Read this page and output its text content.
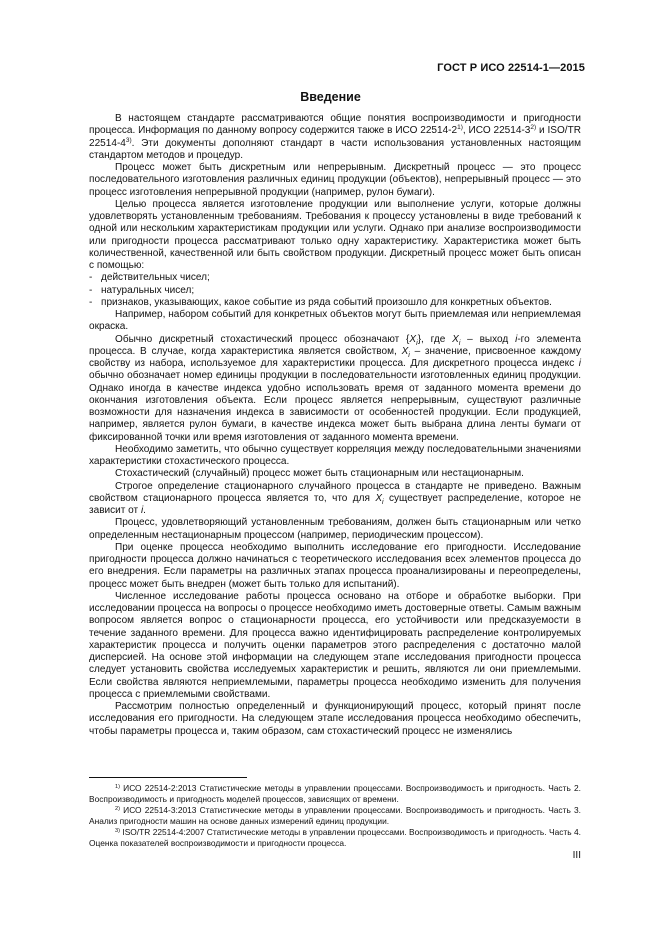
ГОСТ Р ИСО 22514-1—2015
Введение

В настоящем стандарте рассматриваются общие понятия воспроизводимости и пригодности процесса. Информация по данному вопросу содержится также в ИСО 22514-2$^{1)}$, ИСО 22514-3$^{2)}$ и ISO/TR 22514-4$^{3)}$. Эти документы дополняют стандарт в части использования установленных настоящим стандартом методов и процедур.

Процесс может быть дискретным или непрерывным. Дискретный процесс — это процесс последовательного изготовления различных единиц продукции (объектов), непрерывный процесс — это процесс изготовления непрерывной продукции (например, рулон бумаги).

Целью процесса является изготовление продукции или выполнение услуги, которые должны удовлетворять установленным требованиям. Требования к процессу установлены в виде требований к одной или нескольким характеристикам продукции или услуги. Однако при анализе воспроизводимости или пригодности процесса рассматривают только одну характеристику. Характеристика может быть количественной, качественной или быть свойством продукции. Дискретный процесс может быть описан с помощью:

- действительных чисел;

- натуральных чисел;

- признаков, указывающих, какое событие из ряда событий произошло для конкретных объектов.

Например, набором событий для конкретных объектов могут быть приемлемая или неприемлемая окраска.

Обычно дискретный стохастический процесс обозначают $\{X_i\}$, где $X_i$ – выход i-го элемента процесса. В случае, когда характеристика является свойством, $X_i$ – значение, присвоенное каждому свойству из набора, используемое для характеристики процесса. Для дискретного процесса индекс i обычно обозначает номер единицы продукции в последовательности изготовленных единиц продукции. Однако иногда в качестве индекса удобно использовать время от заданного момента времени до окончания изготовления объекта. Если процесс является непрерывным, существуют различные возможности для назначения индекса в зависимости от особенностей продукции. Если продукцией, например, является рулон бумаги, в качестве индекса может быть выбрана длина ленты бумаги от фиксированной точки или время изготовления от заданного момента времени.

Необходимо заметить, что обычно существует корреляция между последовательными значениями характеристики стохастического процесса.

Стохастический (случайный) процесс может быть стационарным или нестационарным.

Строгое определение стационарного случайного процесса в стандарте не приведено. Важным свойством стационарного процесса является то, что для $X_i$ существует распределение, которое не зависит от i.

Процесс, удовлетворяющий установленным требованиям, должен быть стационарным или четко определенным нестационарным процессом (например, периодическим процессом).

При оценке процесса необходимо выполнить исследование его пригодности. Исследование пригодности процесса должно начинаться с теоретического исследования всех элементов процесса до его внедрения. Если параметры на различных этапах процесса проанализированы и переопределены, процесс может быть внедрен (может быть только для испытаний).

Численное исследование работы процесса основано на отборе и обработке выборки. При исследовании процесса на вопросы о процессе необходимо иметь достоверные ответы. Самым важным вопросом является вопрос о стационарности процесса, его устойчивости или предсказуемости в течение заданного времени. Для процесса важно идентифицировать распределение контролируемых характеристик процесса и получить оценки параметров этого распределения с достаточно малой дисперсией. На основе этой информации на следующем этапе исследования пригодности процесса следует установить свойства исследуемых характеристик и решить, являются ли они приемлемыми. Если свойства являются неприемлемыми, параметры процесса необходимо изменить для получения процесса с приемлемыми свойствами.

Рассмотрим полностью определенный и функционирующий процесс, который принят после исследования его пригодности. На следующем этапе исследования процесса необходимо обеспечить, чтобы параметры процесса и, таким образом, сам стохастический процесс не изменялись

$^{1)}$ ИСО 22514-2:2013 Статистические методы в управлении процессами. Воспроизводимость и пригодность. Часть 2. Воспроизводимость и пригодность моделей процессов, зависящих от времени.

$^{2)}$ ИСО 22514-3:2013 Статистические методы в управлении процессами. Воспроизводимость и пригодность. Часть 3. Анализ пригодности машин на основе данных измерений единиц продукции.

$^{3)}$ ISO/TR 22514-4:2007 Статистические методы в управлении процессами. Воспроизводимость и пригодность. Часть 4. Оценка показателей воспроизводимости и пригодности процесса.

III
